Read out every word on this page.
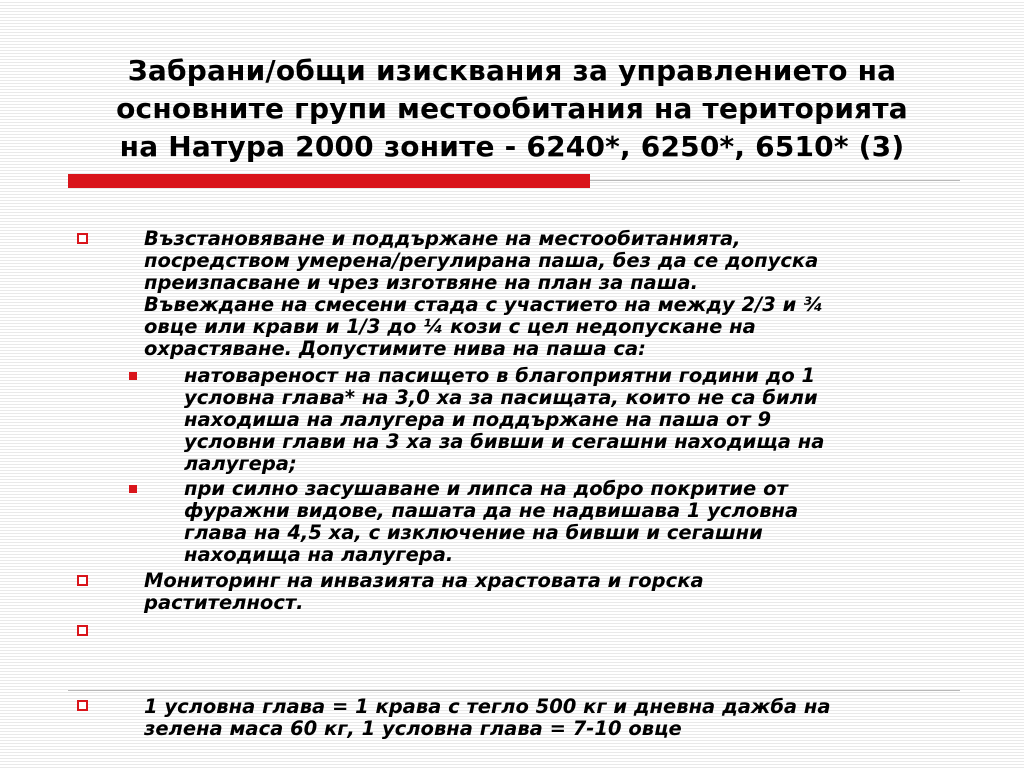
Забрани/общи изисквания за управлението на
основните групи местообитания на територията
на Натура 2000 зоните - 6240*, 6250*, 6510* (3)
Възстановяване и поддържане на местообитанията,
посредством умерена/регулирана паша, без да се допуска
преизпасване и чрез изготвяне на план за паша.
Въвеждане на смесени стада с участието на между 2/3 и ¾
овце или крави и 1/3 до ¼ кози с цел недопускане на
охрастяване. Допустимите нива на паша са:
натовареност на пасището в благоприятни години до 1
условна глава* на 3,0 ха за пасищата, които не са били
находиша на лалугера и поддържане на паша от 9
условни глави на 3 ха за бивши и сегашни находища на
лалугера;
при силно засушаване и липса на добро покритие от
фуражни видове, пашата да не надвишава 1 условна
глава на 4,5 ха, с изключение на бивши и сегашни
находища на лалугера.
Мониторинг на инвазията на храстовата и горска
растителност.
1 условна глава = 1 крава с тегло 500 кг и дневна дажба на
зелена маса 60 кг, 1 условна глава = 7-10 овце
